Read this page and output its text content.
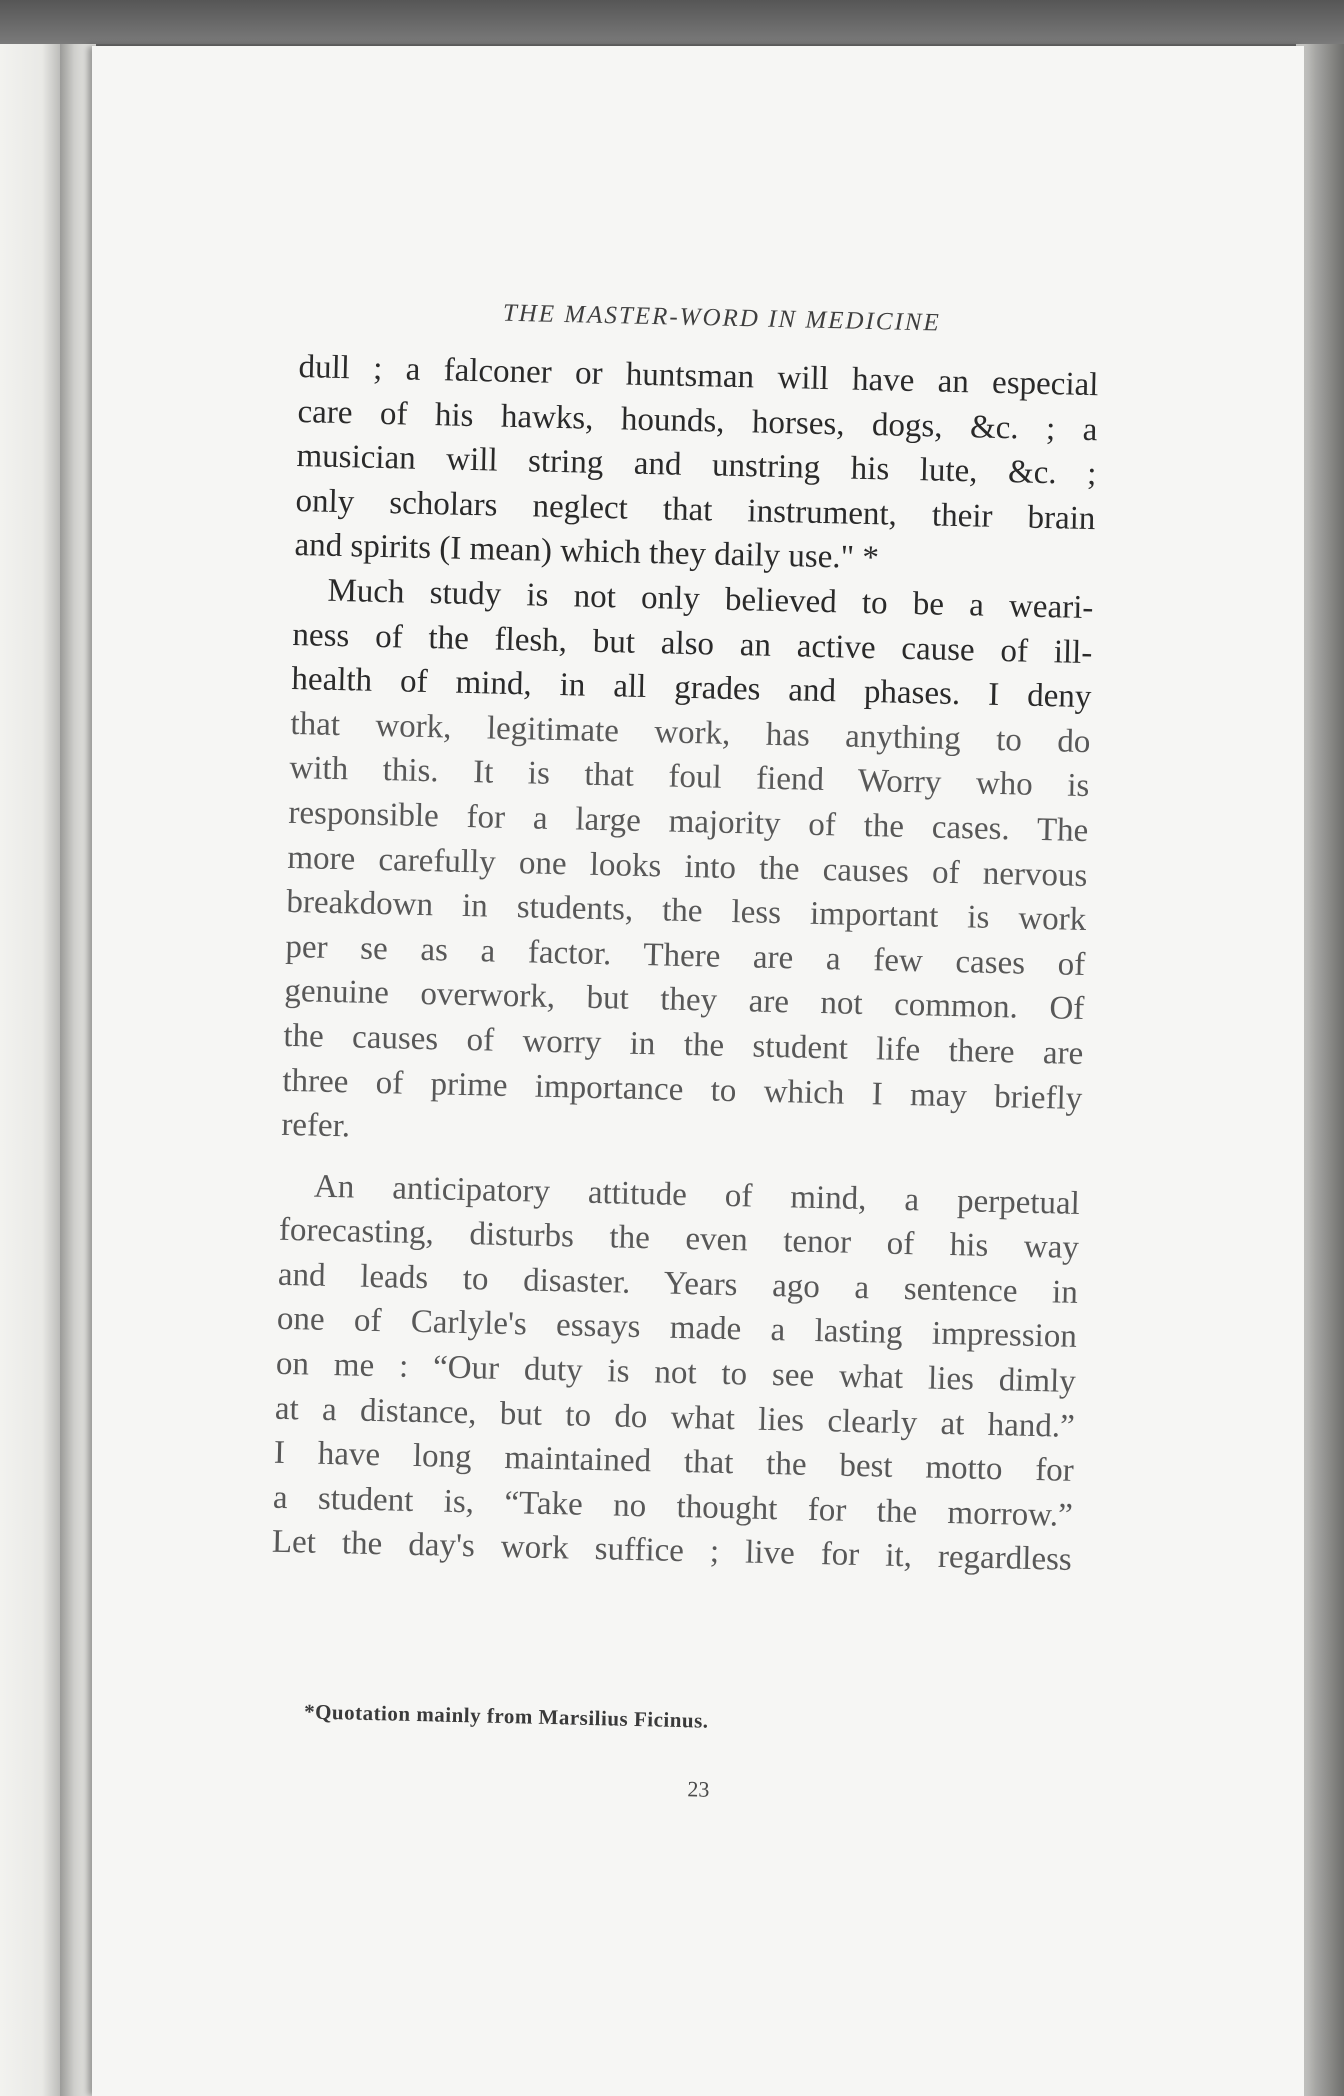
THE MASTER-WORD IN MEDICINE

dull ; a falconer or huntsman will have an especial
care of his hawks, hounds, horses, dogs, &c. ; a
musician will string and unstring his lute, &c. ;
only scholars neglect that instrument, their brain
and spirits (I mean) which they daily use." *

Much study is not only believed to be a weari-
ness of the flesh, but also an active cause of ill-
health of mind, in all grades and phases. I deny
that work, legitimate work, has anything to do
with this. It is that foul fiend Worry who is
responsible for a large majority of the cases. The
more carefully one looks into the causes of nervous
breakdown in students, the less important is work
per se as a factor. There are a few cases of
genuine overwork, but they are not common. Of
the causes of worry in the student life there are
three of prime importance to which I may briefly
refer.

An anticipatory attitude of mind, a perpetual
forecasting, disturbs the even tenor of his way
and leads to disaster. Years ago a sentence in
one of Carlyle's essays made a lasting impression
on me : “Our duty is not to see what lies dimly
at a distance, but to do what lies clearly at hand.”
I have long maintained that the best motto for
a student is, “Take no thought for the morrow.”
Let the day's work suffice ; live for it, regardless

*Quotation mainly from Marsilius Ficinus.
23
